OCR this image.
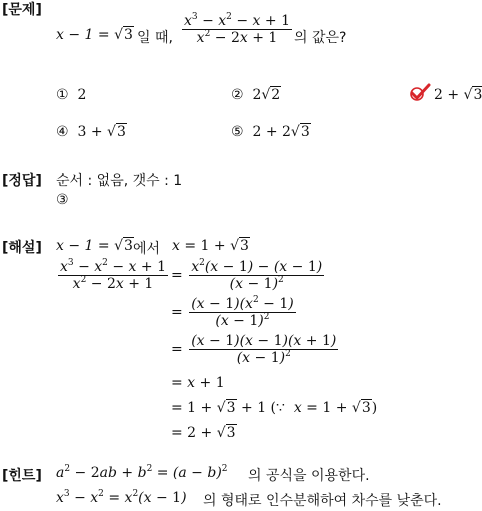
[문제]
x − 1 = √3 일 때, $\frac{x^3 - x^2 - x + 1}{x^2 - 2x + 1}$ 의 값은?
① 2	② 2√2	2 + √3
④ 3 + √3	⑤ 2 + 2√3
[정답] 순서 : 없음, 갯수 : 1
③
[해설] x − 1 = √3 에서 x = 1 + √3
$\frac{x^3 - x^2 - x + 1}{x^2 - 2x + 1} = \frac{x^2(x - 1) - (x - 1)}{(x - 1)^2}$
= $\frac{(x - 1)(x^2 - 1)}{(x - 1)^2}$
= $\frac{(x - 1)(x - 1)(x + 1)}{(x - 1)^2}$
= x + 1
= 1 + √3 + 1 (∵  x = 1 + √3)
= 2 + √3
[힌트] $a^2 - 2ab + b^2 = (a - b)^2$ 의 공식을 이용한다.
$x^3 - x^2 = x^2(x - 1)$ 의 형태로 인수분해하여 차수를 낮춘다.
